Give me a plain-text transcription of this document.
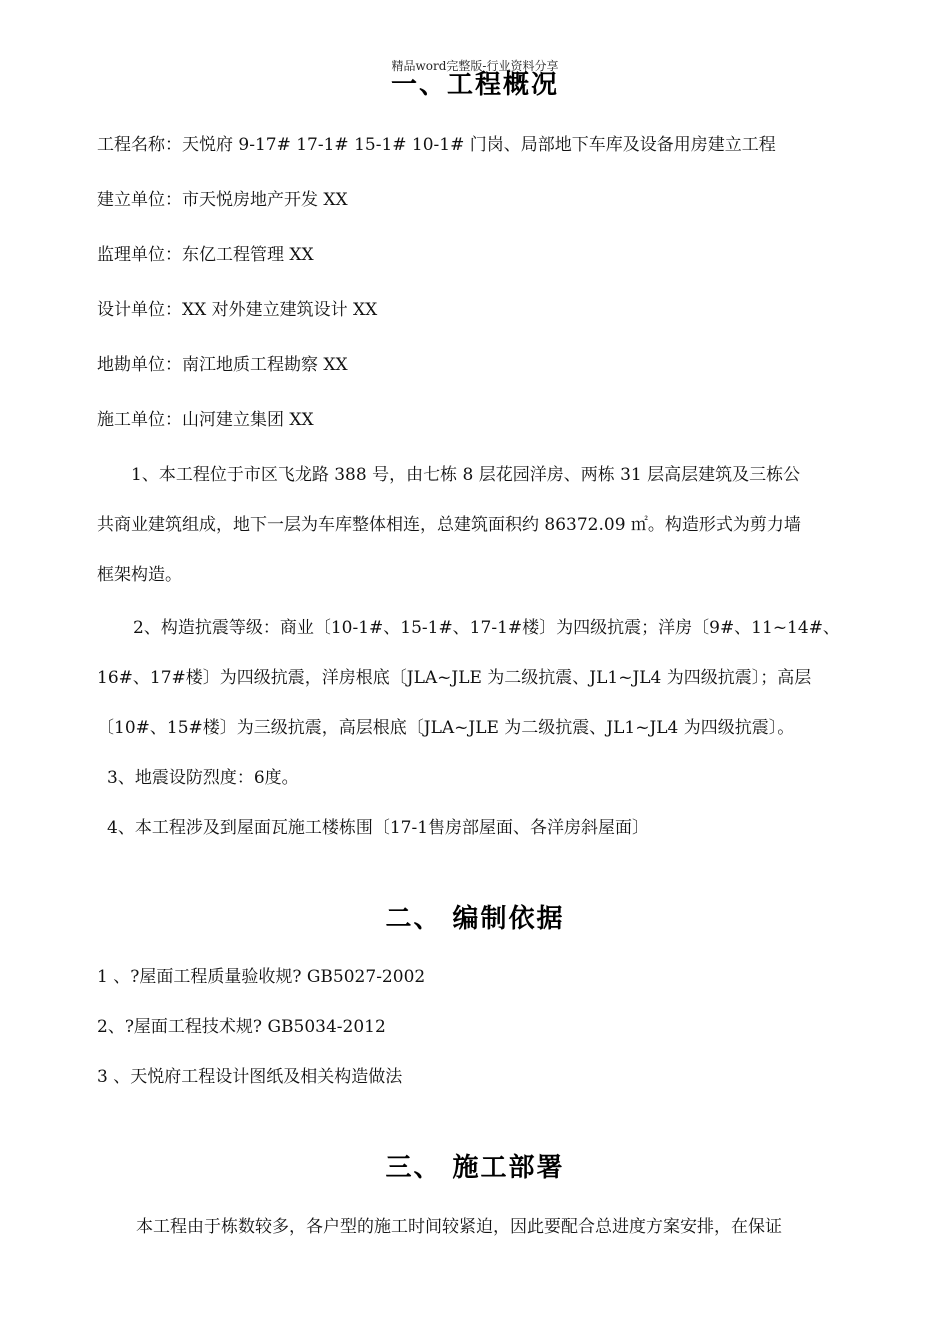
精品word完整版-行业资料分享
一、工程概况
工程名称：天悦府 9-17# 17-1# 15-1# 10-1# 门岗、局部地下车库及设备用房建立工程
建立单位：市天悦房地产开发 XX
监理单位：东亿工程管理 XX
设计单位：XX 对外建立建筑设计 XX
地勘单位：南江地质工程勘察 XX
施工单位：山河建立集团 XX
1、本工程位于市区飞龙路 388 号，由七栋 8 层花园洋房、两栋 31 层高层建筑及三栋公
共商业建筑组成，地下一层为车库整体相连，总建筑面积约 86372.09 ㎡。构造形式为剪力墙
框架构造。
2、构造抗震等级：商业〔10-1#、15-1#、17-1#楼〕为四级抗震；洋房〔9#、11~14#、
16#、17#楼〕为四级抗震，洋房根底〔JLA~JLE 为二级抗震、JL1~JL4 为四级抗震〕；高层
〔10#、15#楼〕为三级抗震，高层根底〔JLA~JLE 为二级抗震、JL1~JL4 为四级抗震〕。
3、地震设防烈度：6度。
4、本工程涉及到屋面瓦施工楼栋围〔17-1售房部屋面、各洋房斜屋面〕
二、 编制依据
1 、?屋面工程质量验收规? GB5027-2002
2、?屋面工程技术规? GB5034-2012
3 、天悦府工程设计图纸及相关构造做法
三、 施工部署
本工程由于栋数较多，各户型的施工时间较紧迫，因此要配合总进度方案安排，在保证
